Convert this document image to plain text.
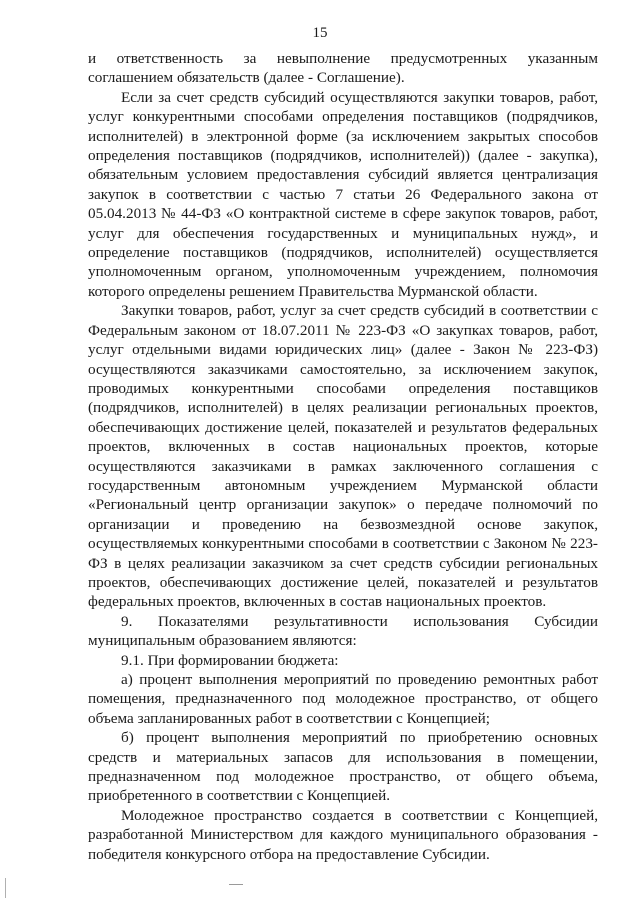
15

и ответственность за невыполнение предусмотренных указанным соглашением обязательств (далее - Соглашение).

Если за счет средств субсидий осуществляются закупки товаров, работ, услуг конкурентными способами определения поставщиков (подрядчиков, исполнителей) в электронной форме (за исключением закрытых способов определения поставщиков (подрядчиков, исполнителей)) (далее - закупка), обязательным условием предоставления субсидий является централизация закупок в соответствии с частью 7 статьи 26 Федерального закона от 05.04.2013 № 44-ФЗ «О контрактной системе в сфере закупок товаров, работ, услуг для обеспечения государственных и муниципальных нужд», и определение поставщиков (подрядчиков, исполнителей) осуществляется уполномоченным органом, уполномоченным учреждением, полномочия которого определены решением Правительства Мурманской области.

Закупки товаров, работ, услуг за счет средств субсидий в соответствии с Федеральным законом от 18.07.2011 № 223-ФЗ «О закупках товаров, работ, услуг отдельными видами юридических лиц» (далее - Закон № 223-ФЗ) осуществляются заказчиками самостоятельно, за исключением закупок, проводимых конкурентными способами определения поставщиков (подрядчиков, исполнителей) в целях реализации региональных проектов, обеспечивающих достижение целей, показателей и результатов федеральных проектов, включенных в состав национальных проектов, которые осуществляются заказчиками в рамках заключенного соглашения с государственным автономным учреждением Мурманской области «Региональный центр организации закупок» о передаче полномочий по организации и проведению на безвозмездной основе закупок, осуществляемых конкурентными способами в соответствии с Законом № 223-ФЗ в целях реализации заказчиком за счет средств субсидии региональных проектов, обеспечивающих достижение целей, показателей и результатов федеральных проектов, включенных в состав национальных проектов.

9. Показателями результативности использования Субсидии муниципальным образованием являются:

9.1. При формировании бюджета:

а) процент выполнения мероприятий по проведению ремонтных работ помещения, предназначенного под молодежное пространство, от общего объема запланированных работ в соответствии с Концепцией;

б) процент выполнения мероприятий по приобретению основных средств и материальных запасов для использования в помещении, предназначенном под молодежное пространство, от общего объема, приобретенного в соответствии с Концепцией.

Молодежное пространство создается в соответствии с Концепцией, разработанной Министерством для каждого муниципального образования - победителя конкурсного отбора на предоставление Субсидии.
